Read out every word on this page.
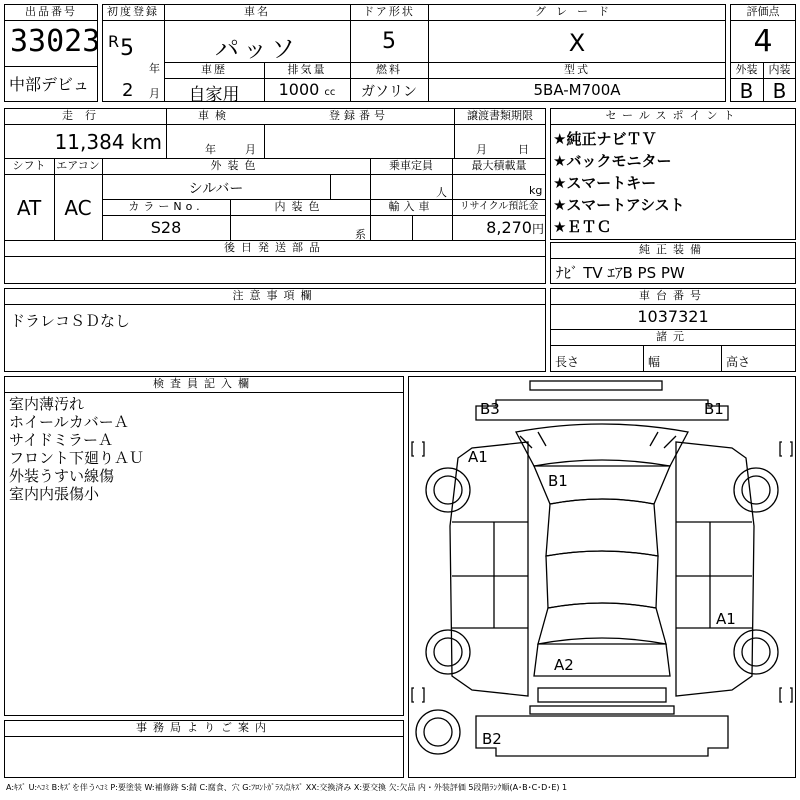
出品番号
33023
中部デビュ
初度登録
R 5
年
2 月
車名
パッソ
ドア形状
5
グレード
X
車歴
自家用
排気量
1000 cc
燃料
ガソリン
型式
5BA-M700A
評価点
4
外装	内装
B B
走行
11,384 km
車検
年	月
登録番号	譲渡書類期限
月	日
シフト エアコン
AT	AC
外装色
シルバー
乗車定員
人
最大積載量
kg
カラーNo.
S28
内装色
系
輸入車	リサイクル預託金
8,270円
後日発送部品
セールスポイント
★純正ナビＴＶ
★バックモニター
★スマートキー
★スマートアシスト
★ＥＴＣ
純正装備
ﾅﾋﾞ TV ｴｱB PS PW
注意事項欄
ドラレコＳＤなし
車台番号
1037321
諸元
長さ	幅	高さ
検査員記入欄
室内薄汚れ
ホイールカバーＡ
サイドミラーＡ
フロント下廻りＡＵ
外装うすい線傷
室内内張傷小
事務局よりご案内
B3	B1
A1
B1
A1
A2
B2
A:ｷｽﾞ U:ﾍｺﾐ B:ｷｽﾞを伴うﾍｺﾐ P:要塗装 W:補修跡 S:錆 C:腐食、穴 G:ﾌﾛﾝﾄｶﾞﾗｽ点ｷｽﾞ XX:交換済み X:要交換 欠:欠品 内・外装評価 5段階ﾗﾝｸ順(A･B･C･D･E) 1
